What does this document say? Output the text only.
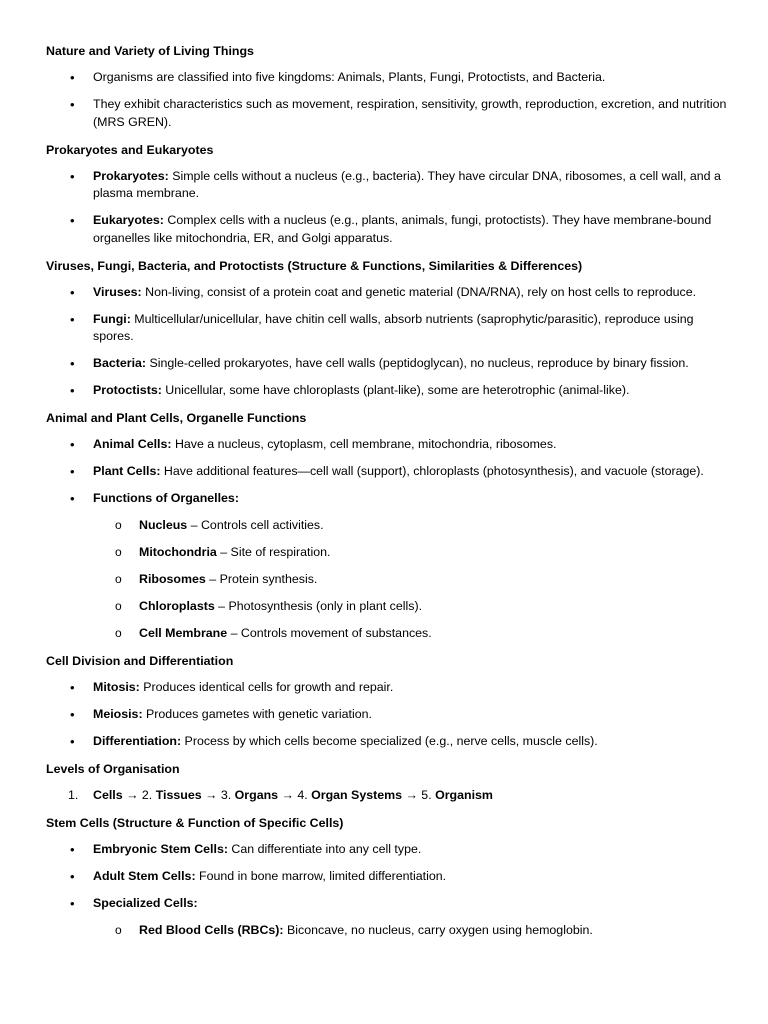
Nature and Variety of Living Things

•	Organisms are classified into five kingdoms: Animals, Plants, Fungi, Protoctists, and Bacteria.
•	They exhibit characteristics such as movement, respiration, sensitivity, growth, reproduction, excretion, and nutrition (MRS GREN).

Prokaryotes and Eukaryotes

•	Prokaryotes: Simple cells without a nucleus (e.g., bacteria). They have circular DNA, ribosomes, a cell wall, and a plasma membrane.
•	Eukaryotes: Complex cells with a nucleus (e.g., plants, animals, fungi, protoctists). They have membrane-bound organelles like mitochondria, ER, and Golgi apparatus.

Viruses, Fungi, Bacteria, and Protoctists (Structure & Functions, Similarities & Differences)

•	Viruses: Non-living, consist of a protein coat and genetic material (DNA/RNA), rely on host cells to reproduce.
•	Fungi: Multicellular/unicellular, have chitin cell walls, absorb nutrients (saprophytic/parasitic), reproduce using spores.
•	Bacteria: Single-celled prokaryotes, have cell walls (peptidoglycan), no nucleus, reproduce by binary fission.
•	Protoctists: Unicellular, some have chloroplasts (plant-like), some are heterotrophic (animal-like).

Animal and Plant Cells, Organelle Functions

•	Animal Cells: Have a nucleus, cytoplasm, cell membrane, mitochondria, ribosomes.
•	Plant Cells: Have additional features—cell wall (support), chloroplasts (photosynthesis), and vacuole (storage).
•	Functions of Organelles:
o Nucleus – Controls cell activities.
o Mitochondria – Site of respiration.
o Ribosomes – Protein synthesis.
o Chloroplasts – Photosynthesis (only in plant cells).
o Cell Membrane – Controls movement of substances.

Cell Division and Differentiation

•	Mitosis: Produces identical cells for growth and repair.
•	Meiosis: Produces gametes with genetic variation.
•	Differentiation: Process by which cells become specialized (e.g., nerve cells, muscle cells).

Levels of Organisation

1. Cells → 2. Tissues → 3. Organs → 4. Organ Systems → 5. Organism

Stem Cells (Structure & Function of Specific Cells)

•	Embryonic Stem Cells: Can differentiate into any cell type.
•	Adult Stem Cells: Found in bone marrow, limited differentiation.
•	Specialized Cells:
o Red Blood Cells (RBCs): Biconcave, no nucleus, carry oxygen using hemoglobin.
